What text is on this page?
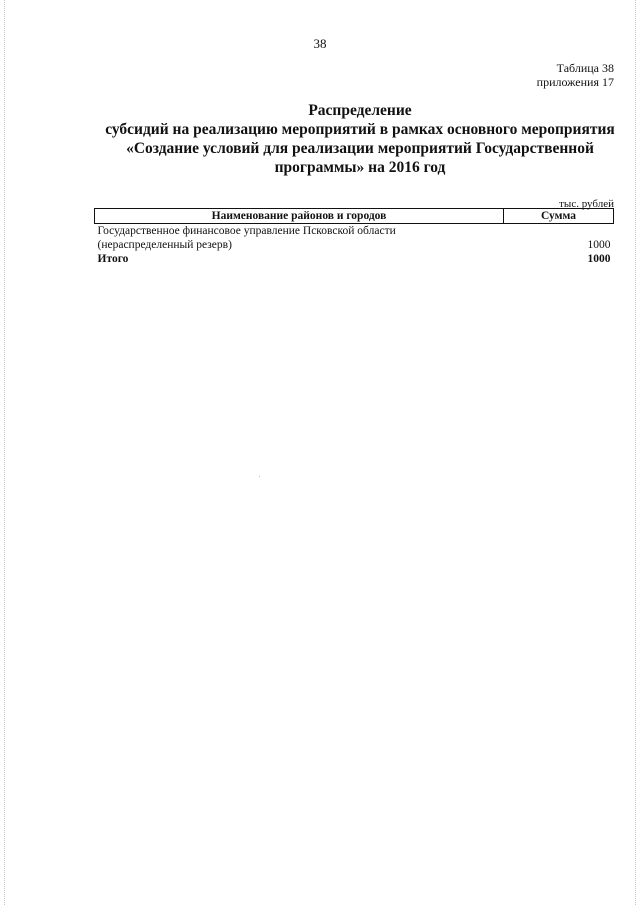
38
Таблица 38
приложения 17
Распределение
субсидий на реализацию мероприятий в рамках основного мероприятия
«Создание условий для реализации мероприятий Государственной
программы» на 2016 год
тыс. рублей
Наименование районов и городов	Сумма
Государственное финансовое управление Псковской области	
(нераспределенный резерв)	1000
Итого	1000
